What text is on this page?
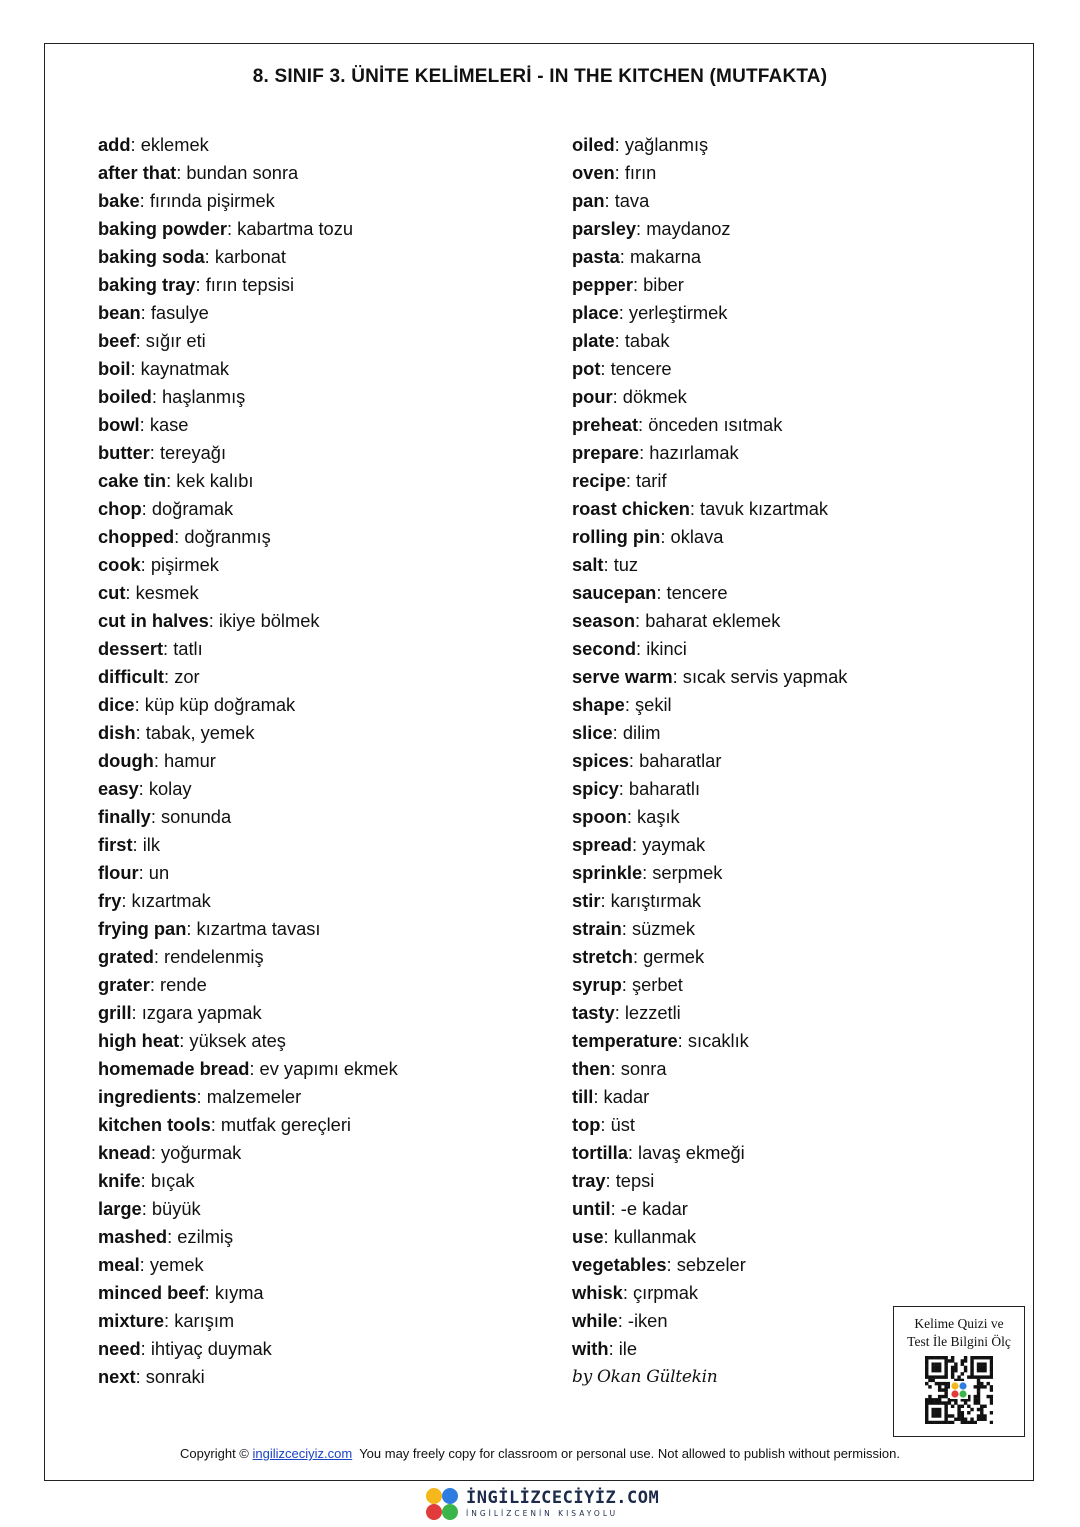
8. SINIF 3. ÜNİTE KELİMELERİ - IN THE KITCHEN (MUTFAKTA)
add: eklemek
after that: bundan sonra
bake: fırında pişirmek
baking powder: kabartma tozu
baking soda: karbonat
baking tray: fırın tepsisi
bean: fasulye
beef: sığır eti
boil: kaynatmak
boiled: haşlanmış
bowl: kase
butter: tereyağı
cake tin: kek kalıbı
chop: doğramak
chopped: doğranmış
cook: pişirmek
cut: kesmek
cut in halves: ikiye bölmek
dessert: tatlı
difficult: zor
dice: küp küp doğramak
dish: tabak, yemek
dough: hamur
easy: kolay
finally: sonunda
first: ilk
flour: un
fry: kızartmak
frying pan: kızartma tavası
grated: rendelenmiş
grater: rende
grill: ızgara yapmak
high heat: yüksek ateş
homemade bread: ev yapımı ekmek
ingredients: malzemeler
kitchen tools: mutfak gereçleri
knead: yoğurmak
knife: bıçak
large: büyük
mashed: ezilmiş
meal: yemek
minced beef: kıyma
mixture: karışım
need: ihtiyaç duymak
next: sonraki
oiled: yağlanmış
oven: fırın
pan: tava
parsley: maydanoz
pasta: makarna
pepper: biber
place: yerleştirmek
plate: tabak
pot: tencere
pour: dökmek
preheat: önceden ısıtmak
prepare: hazırlamak
recipe: tarif
roast chicken: tavuk kızartmak
rolling pin: oklava
salt: tuz
saucepan: tencere
season: baharat eklemek
second: ikinci
serve warm: sıcak servis yapmak
shape: şekil
slice: dilim
spices: baharatlar
spicy: baharatlı
spoon: kaşık
spread: yaymak
sprinkle: serpmek
stir: karıştırmak
strain: süzmek
stretch: germek
syrup: şerbet
tasty: lezzetli
temperature: sıcaklık
then: sonra
till: kadar
top: üst
tortilla: lavaş ekmeği
tray: tepsi
until: -e kadar
use: kullanmak
vegetables: sebzeler
whisk: çırpmak
while: -iken
with: ile
by Okan Gültekin
Kelime Quizi ve
Test İle Bilgini Ölç
Copyright © ingilizceciyiz.com You may freely copy for classroom or personal use. Not allowed to publish without permission.
İNGİLİZCECİYİZ.COM
İNGİLİZCENİN KISAYOLU
